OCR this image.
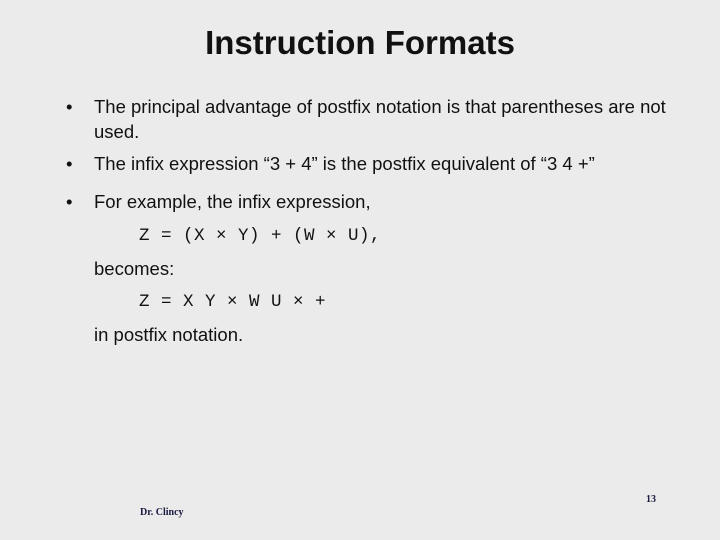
Instruction Formats
• The principal advantage of postfix notation is that parentheses are not used.
• The infix expression “3 + 4” is the postfix equivalent of “3 4 +”
• For example, the infix expression,
Z = (X × Y) + (W × U),
becomes:
Z = X Y × W U × +
in postfix notation.
Dr. Clincy
13
